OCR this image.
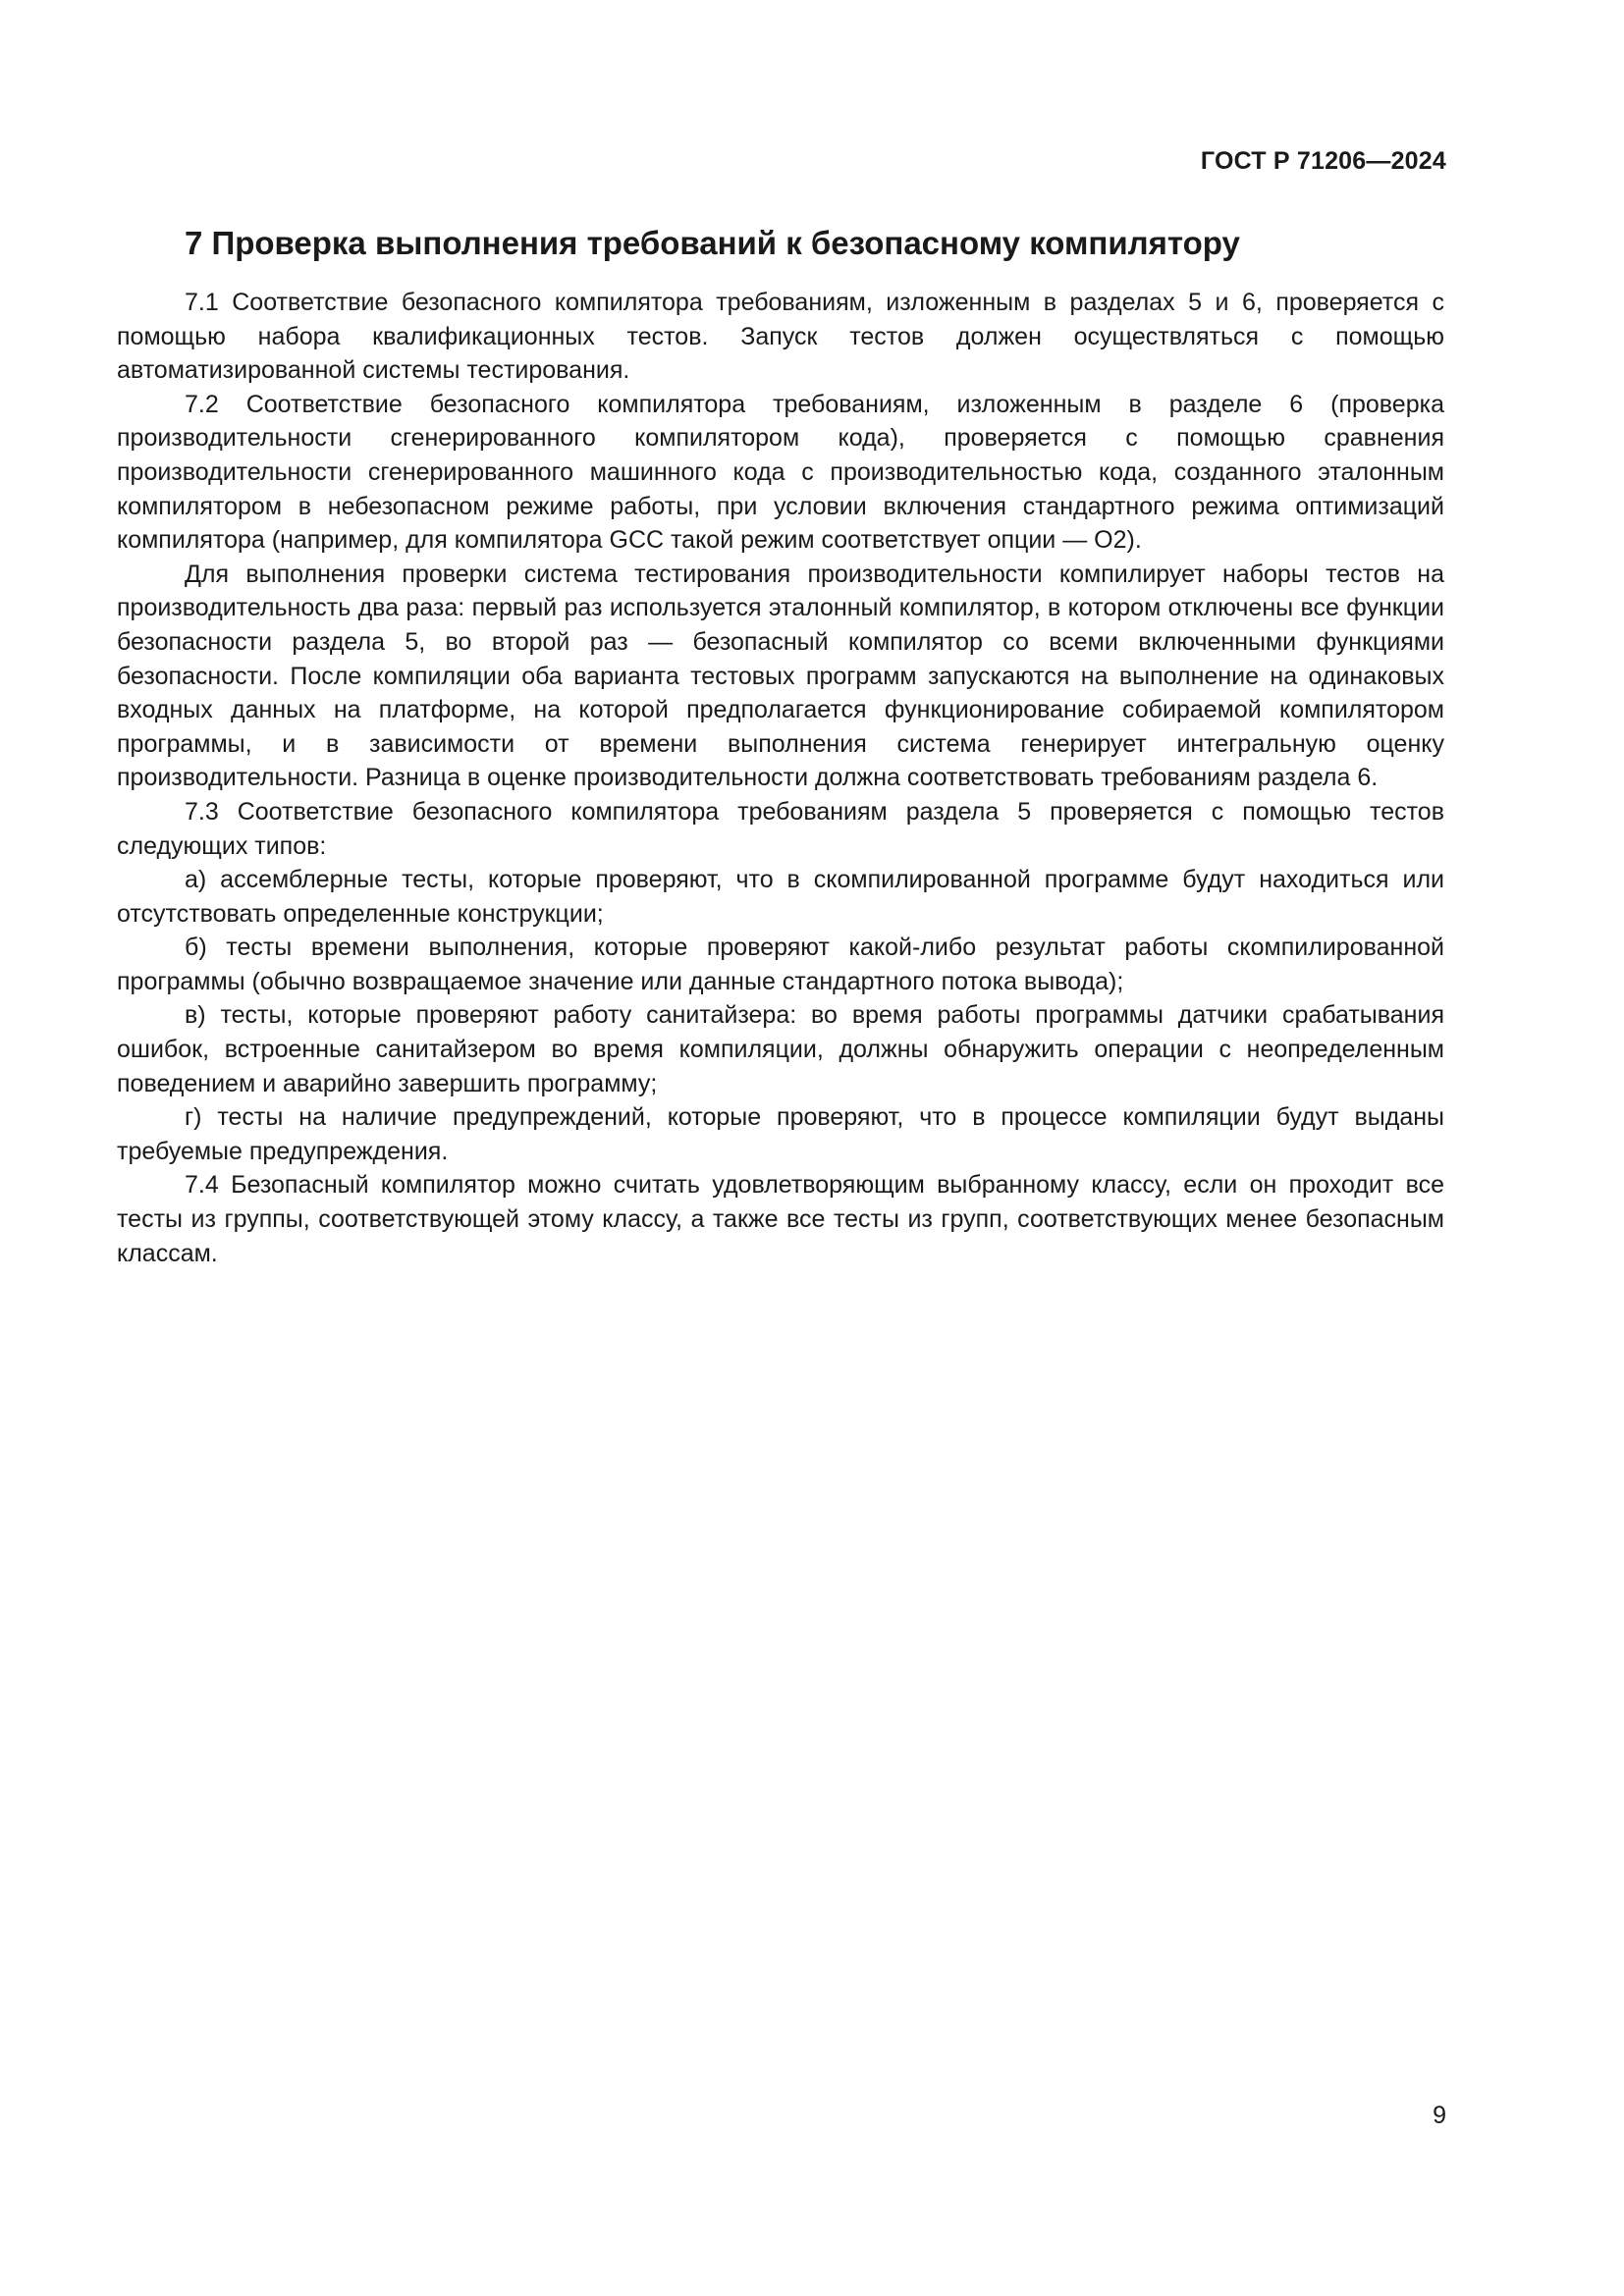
ГОСТ Р 71206—2024
7 Проверка выполнения требований к безопасному компилятору

7.1 Соответствие безопасного компилятора требованиям, изложенным в разделах 5 и 6, проверяется с помощью набора квалификационных тестов. Запуск тестов должен осуществляться с помощью автоматизированной системы тестирования.

7.2 Соответствие безопасного компилятора требованиям, изложенным в разделе 6 (проверка производительности сгенерированного компилятором кода), проверяется с помощью сравнения производительности сгенерированного машинного кода с производительностью кода, созданного эталонным компилятором в небезопасном режиме работы, при условии включения стандартного режима оптимизаций компилятора (например, для компилятора GCC такой режим соответствует опции — O2).

Для выполнения проверки система тестирования производительности компилирует наборы тестов на производительность два раза: первый раз используется эталонный компилятор, в котором отключены все функции безопасности раздела 5, во второй раз — безопасный компилятор со всеми включенными функциями безопасности. После компиляции оба варианта тестовых программ запускаются на выполнение на одинаковых входных данных на платформе, на которой предполагается функционирование собираемой компилятором программы, и в зависимости от времени выполнения система генерирует интегральную оценку производительности. Разница в оценке производительности должна соответствовать требованиям раздела 6.

7.3 Соответствие безопасного компилятора требованиям раздела 5 проверяется с помощью тестов следующих типов:

а) ассемблерные тесты, которые проверяют, что в скомпилированной программе будут находиться или отсутствовать определенные конструкции;

б) тесты времени выполнения, которые проверяют какой-либо результат работы скомпилированной программы (обычно возвращаемое значение или данные стандартного потока вывода);

в) тесты, которые проверяют работу санитайзера: во время работы программы датчики срабатывания ошибок, встроенные санитайзером во время компиляции, должны обнаружить операции с неопределенным поведением и аварийно завершить программу;

г) тесты на наличие предупреждений, которые проверяют, что в процессе компиляции будут выданы требуемые предупреждения.

7.4 Безопасный компилятор можно считать удовлетворяющим выбранному классу, если он проходит все тесты из группы, соответствующей этому классу, а также все тесты из групп, соответствующих менее безопасным классам.

9
